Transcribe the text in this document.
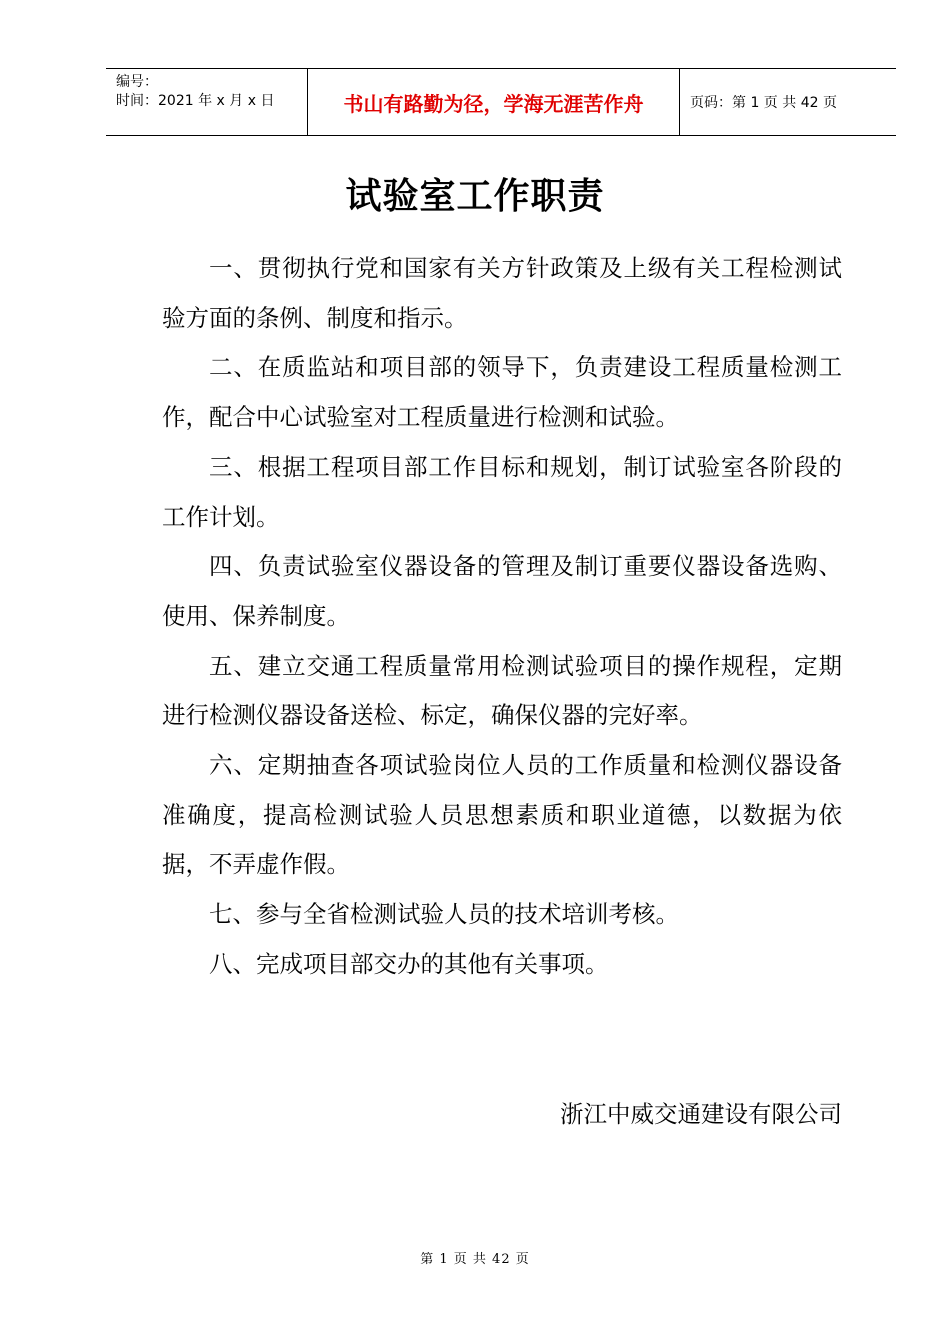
编号：
时间：2021 年 x 月 x 日	书山有路勤为径，学海无涯苦作舟	页码：第 1 页 共 42 页
试验室工作职责

一、贯彻执行党和国家有关方针政策及上级有关工程检测试验方面的条例、制度和指示。

二、在质监站和项目部的领导下，负责建设工程质量检测工作，配合中心试验室对工程质量进行检测和试验。

三、根据工程项目部工作目标和规划，制订试验室各阶段的工作计划。

四、负责试验室仪器设备的管理及制订重要仪器设备选购、使用、保养制度。

五、建立交通工程质量常用检测试验项目的操作规程，定期进行检测仪器设备送检、标定，确保仪器的完好率。

六、定期抽查各项试验岗位人员的工作质量和检测仪器设备准确度，提高检测试验人员思想素质和职业道德，以数据为依据，不弄虚作假。

七、参与全省检测试验人员的技术培训考核。

八、完成项目部交办的其他有关事项。

浙江中威交通建设有限公司
第 1 页 共 42 页
